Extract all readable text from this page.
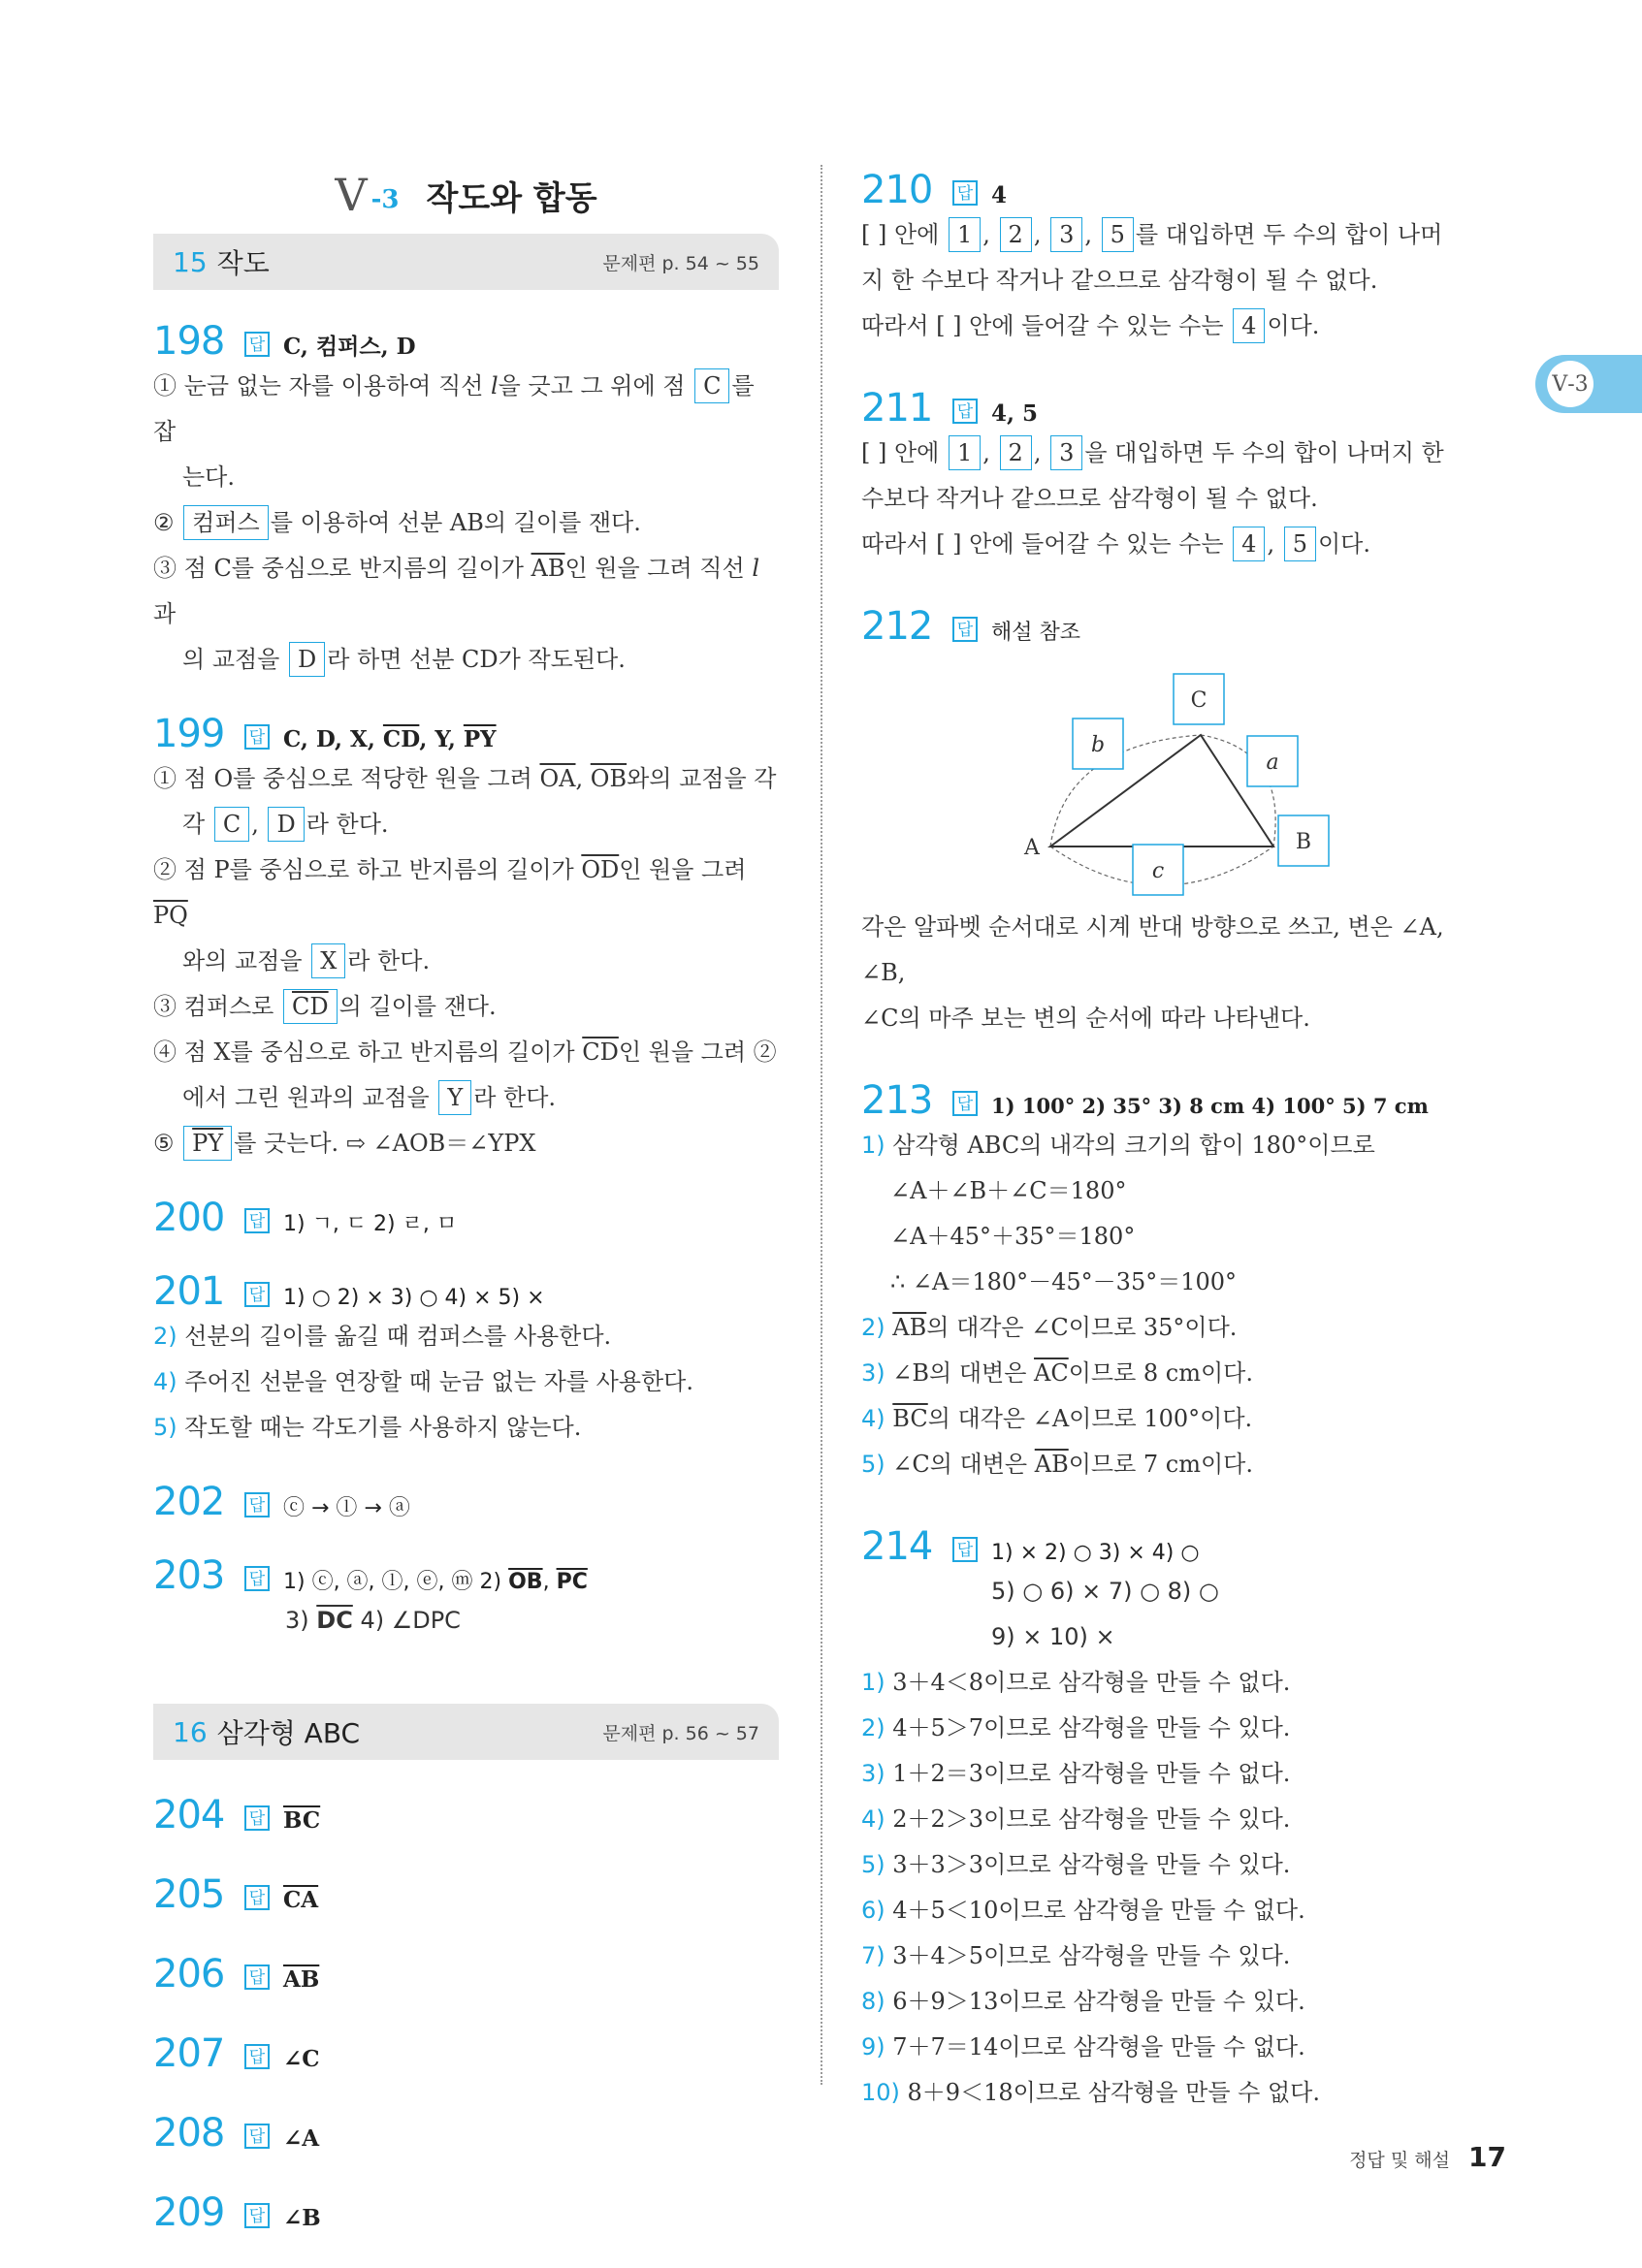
Ⅴ-3
Ⅴ -3 작도와 합동
15 작도	문제편 p. 54 ~ 55
198	답 C, 컴퍼스, D
① 눈금 없는 자를 이용하여 직선 l을 긋고 그 위에 점 C 를 잡
는다.
② 컴퍼스 를 이용하여 선분 AB의 길이를 잰다.
③ 점 C를 중심으로 반지름의 길이가 $\overline{AB}$인 원을 그려 직선 l과
의 교점을 D 라 하면 선분 CD가 작도된다.
199	답 C, D, X, $\overline{CD}$, Y, $\overline{PY}$
① 점 O를 중심으로 적당한 원을 그려 $\overline{OA}$, $\overline{OB}$와의 교점을 각
각 C , D 라 한다.
② 점 P를 중심으로 하고 반지름의 길이가 $\overline{OD}$인 원을 그려 $\overline{PQ}$
와의 교점을 X 라 한다.
③ 컴퍼스로 $\overline{CD}$ 의 길이를 잰다.
④ 점 X를 중심으로 하고 반지름의 길이가 $\overline{CD}$인 원을 그려 ②
에서 그린 원과의 교점을 Y 라 한다.
⑤ $\overline{PY}$ 를 긋는다. ⇨ ∠AOB＝∠YPX
200	답 1) ㄱ, ㄷ 2) ㄹ, ㅁ
201	답 1) ○ 2) × 3) ○ 4) × 5) ×
2) 선분의 길이를 옮길 때 컴퍼스를 사용한다.
4) 주어진 선분을 연장할 때 눈금 없는 자를 사용한다.
5) 작도할 때는 각도기를 사용하지 않는다.
202	답 ⓒ → ⓛ → ⓐ
203	답 1) ⓒ, ⓐ, ⓛ, ⓔ, ⓜ 2) $\overline{OB}$, $\overline{PC}$
3) $\overline{DC}$ 4) ∠DPC
16 삼각형 ABC	문제편 p. 56 ~ 57
204	답 $\overline{BC}$
205	답 $\overline{CA}$
206	답 $\overline{AB}$
207	답 ∠C
208	답 ∠A
209	답 ∠B
210	답 4
[ ] 안에 1 , 2 , 3 , 5 를 대입하면 두 수의 합이 나머
지 한 수보다 작거나 같으므로 삼각형이 될 수 없다.
따라서 [ ] 안에 들어갈 수 있는 수는 4 이다.
211	답 4, 5
[ ] 안에 1 , 2 , 3 을 대입하면 두 수의 합이 나머지 한
수보다 작거나 같으므로 삼각형이 될 수 없다.
따라서 [ ] 안에 들어갈 수 있는 수는 4 , 5 이다.
212	답 해설 참조
C
b
a
B
c
A
각은 알파벳 순서대로 시계 반대 방향으로 쓰고, 변은 ∠A, ∠B,
∠C의 마주 보는 변의 순서에 따라 나타낸다.
213	답 1) 100° 2) 35° 3) 8 cm 4) 100° 5) 7 cm
1) 삼각형 ABC의 내각의 크기의 합이 180°이므로
∠A＋∠B＋∠C＝180°
∠A＋45°＋35°＝180°
∴ ∠A＝180°－45°－35°＝100°
2) $\overline{AB}$의 대각은 ∠C이므로 35°이다.
3) ∠B의 대변은 $\overline{AC}$이므로 8 cm이다.
4) $\overline{BC}$의 대각은 ∠A이므로 100°이다.
5) ∠C의 대변은 $\overline{AB}$이므로 7 cm이다.
214	답 1) × 2) ○ 3) × 4) ○
5) ○ 6) × 7) ○ 8) ○
9) × 10) ×
1) 3＋4＜8이므로 삼각형을 만들 수 없다.
2) 4＋5＞7이므로 삼각형을 만들 수 있다.
3) 1＋2＝3이므로 삼각형을 만들 수 없다.
4) 2＋2＞3이므로 삼각형을 만들 수 있다.
5) 3＋3＞3이므로 삼각형을 만들 수 있다.
6) 4＋5＜10이므로 삼각형을 만들 수 없다.
7) 3＋4＞5이므로 삼각형을 만들 수 있다.
8) 6＋9＞13이므로 삼각형을 만들 수 있다.
9) 7＋7＝14이므로 삼각형을 만들 수 없다.
10) 8＋9＜18이므로 삼각형을 만들 수 없다.
정답 및 해설 17
